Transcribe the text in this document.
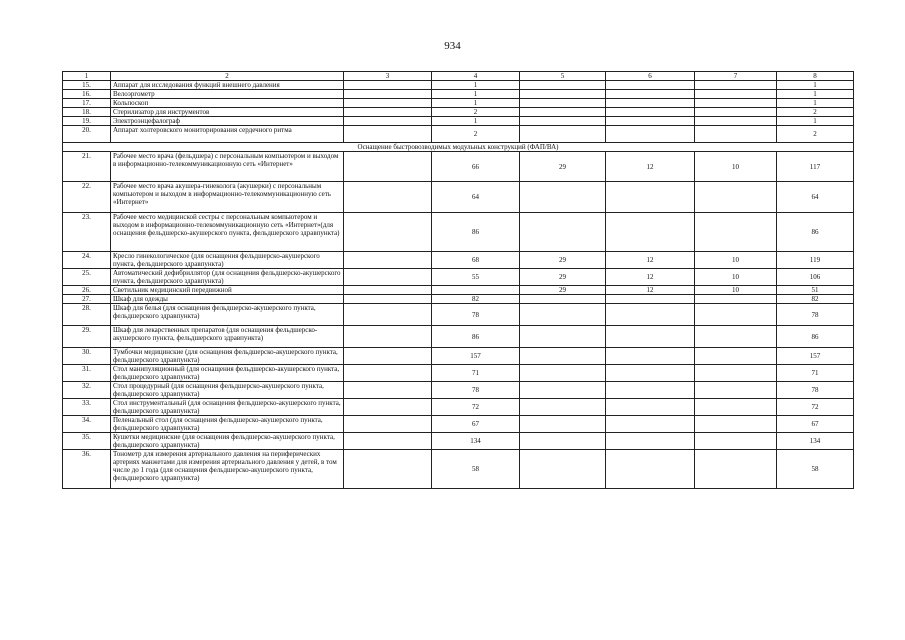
934
1	2	3	4	5	6	7	8
15.	Аппарат для исследования функций внешнего давления		1				1
16.	Велоэргометр		1				1
17.	Кольпоскоп		1				1
18.	Стерилизатор для инструментов		2				2
19.	Электроэнцефалограф		1				1
20.	Аппарат холтеровского мониторирования сердечного ритма		2				2
Оснащение быстровозводимых модульных конструкций (ФАП/ВА)							
21.	Рабочее место врача (фельдшера) с персональным компьютером и выходом в информационно-телекоммуникационную сеть «Интернет»		66	29	12	10	117
22.	Рабочее место врача акушера-гинеколога (акушерки) с персональным компьютером и выходом в информационно-телекоммуникационную сеть «Интернет»		64				64
23.	Рабочее место медицинской сестры с персональным компьютером и выходом в информационно-телекоммуникационную сеть «Интернет»(для оснащения фельдшерско-акушерского пункта, фельдшерского здравпункта)		86				86
24.	Кресло гинекологическое (для оснащения фельдшерско-акушерского пункта, фельдшерского здравпункта)		68	29	12	10	119
25.	Автоматический дефибриллятор (для оснащения фельдшерско-акушерского пункта, фельдшерского здравпункта)		55	29	12	10	106
26.	Светильник медицинский передвижной			29	12	10	51
27.	Шкаф для одежды		82				82
28.	Шкаф для белья (для оснащения фельдшерско-акушерского пункта, фельдшерского здравпункта)		78				78
29.	Шкаф для лекарственных препаратов (для оснащения фельдшерско-акушерского пункта, фельдшерского здравпункта)		86				86
30.	Тумбочки медицинские (для оснащения фельдшерско-акушерского пункта, фельдшерского здравпункта)		157				157
31.	Стол манипуляционный (для оснащения фельдшерско-акушерского пункта, фельдшерского здравпункта)		71				71
32.	Стол процедурный (для оснащения фельдшерско-акушерского пункта, фельдшерского здравпункта)		78				78
33.	Стол инструментальный (для оснащения фельдшерско-акушерского пункта, фельдшерского здравпункта)		72				72
34.	Пеленальный стол (для оснащения фельдшерско-акушерского пункта, фельдшерского здравпункта)		67				67
35.	Кушетки медицинские (для оснащения фельдшерско-акушерского пункта, фельдшерского здравпункта)		134				134
36.	Тонометр для измерения артериального давления на периферических артериях манжетами для измерения артериального давления у детей, в том числе до 1 года (для оснащения фельдшерско-акушерского пункта, фельдшерского здравпункта)		58				58
